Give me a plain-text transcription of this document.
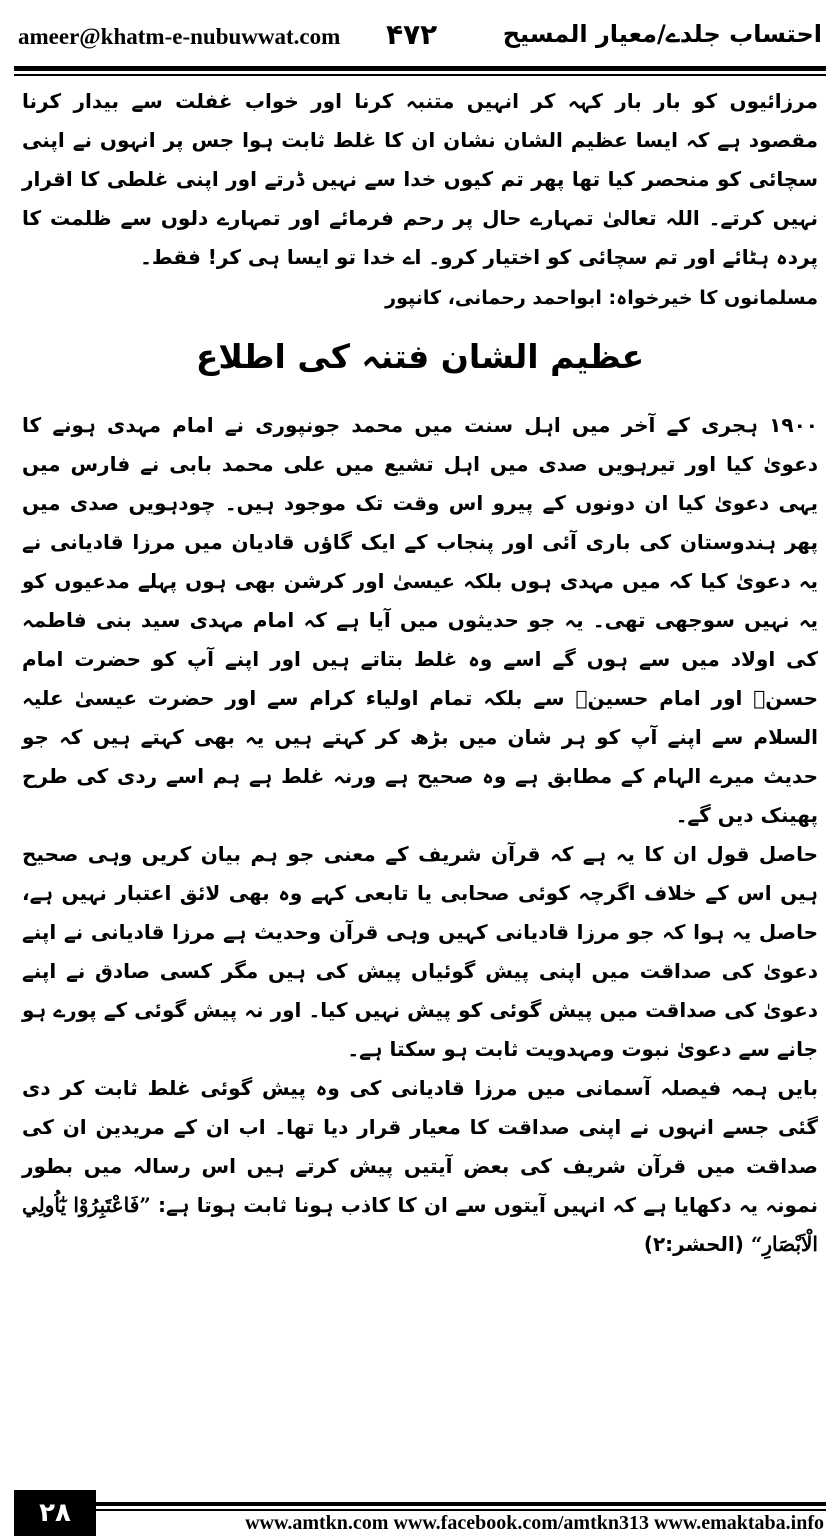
ameer@khatm-e-nubuwwat.com ۴۷۲	احتساب جلدے/معیار المسیح

مرزائیوں کو بار بار کہہ کر انہیں متنبہ کرنا اور خواب غفلت سے بیدار کرنا مقصود ہے کہ ایسا عظیم الشان نشان ان کا غلط ثابت ہوا جس پر انہوں نے اپنی سچائی کو منحصر کیا تھا پھر تم کیوں خدا سے نہیں ڈرتے اور اپنی غلطی کا اقرار نہیں کرتے۔ اللہ تعالیٰ تمہارے حال پر رحم فرمائے اور تمہارے دلوں سے ظلمت کا پردہ ہٹائے اور تم سچائی کو اختیار کرو۔ اے خدا تو ایسا ہی کر! فقط۔

مسلمانوں کا خیرخواہ: ابواحمد رحمانی، کانپور

عظیم الشان فتنہ کی اطلاع

۱۹۰۰ ہجری کے آخر میں اہل سنت میں محمد جونپوری نے امام مہدی ہونے کا دعویٰ کیا اور تیرہویں صدی میں اہل تشیع میں علی محمد بابی نے فارس میں یہی دعویٰ کیا ان دونوں کے پیرو اس وقت تک موجود ہیں۔ چودہویں صدی میں پھر ہندوستان کی باری آئی اور پنجاب کے ایک گاؤں قادیان میں مرزا قادیانی نے یہ دعویٰ کیا کہ میں مہدی ہوں بلکہ عیسیٰ اور کرشن بھی ہوں پہلے مدعیوں کو یہ نہیں سوجھی تھی۔ یہ جو حدیثوں میں آیا ہے کہ امام مہدی سید بنی فاطمہ کی اولاد میں سے ہوں گے اسے وہ غلط بتاتے ہیں اور اپنے آپ کو حضرت امام حسنؓ اور امام حسینؓ سے بلکہ تمام اولیاء کرام سے اور حضرت عیسیٰ علیہ السلام سے اپنے آپ کو ہر شان میں بڑھ کر کہتے ہیں یہ بھی کہتے ہیں کہ جو حدیث میرے الہام کے مطابق ہے وہ صحیح ہے ورنہ غلط ہے ہم اسے ردی کی طرح پھینک دیں گے۔

حاصل قول ان کا یہ ہے کہ قرآن شریف کے معنی جو ہم بیان کریں وہی صحیح ہیں اس کے خلاف اگرچہ کوئی صحابی یا تابعی کہے وہ بھی لائق اعتبار نہیں ہے، حاصل یہ ہوا کہ جو مرزا قادیانی کہیں وہی قرآن وحدیث ہے مرزا قادیانی نے اپنے دعویٰ کی صداقت میں اپنی پیش گوئیاں پیش کی ہیں مگر کسی صادق نے اپنے دعویٰ کی صداقت میں پیش گوئی کو پیش نہیں کیا۔ اور نہ پیش گوئی کے پورے ہو جانے سے دعویٰ نبوت ومہدویت ثابت ہو سکتا ہے۔

بایں ہمہ فیصلہ آسمانی میں مرزا قادیانی کی وہ پیش گوئی غلط ثابت کر دی گئی جسے انہوں نے اپنی صداقت کا معیار قرار دیا تھا۔ اب ان کے مریدین ان کی صداقت میں قرآن شریف کی بعض آیتیں پیش کرتے ہیں اس رسالہ میں بطور نمونہ یہ دکھایا ہے کہ انہیں آیتوں سے ان کا کاذب ہونا ثابت ہوتا ہے: ”فَاعْتَبِرُوْا يٰٓاُولِي الْاَبْصَارِ“ (الحشر:۲)

۲۸	www.amtkn.com www.facebook.com/amtkn313 www.emaktaba.info
